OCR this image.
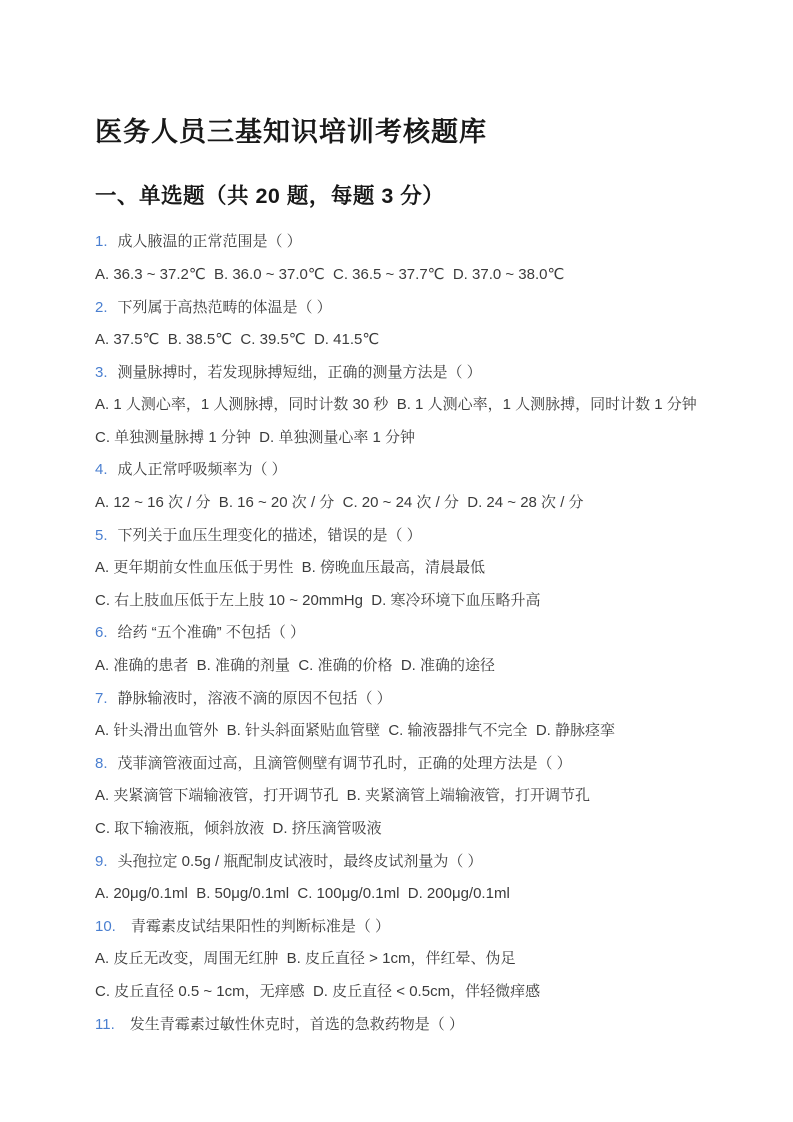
医务人员三基知识培训考核题库
一、单选题（共 20 题，每题 3 分）
1. 成人腋温的正常范围是（ ）
A. 36.3 ~ 37.2℃  B. 36.0 ~ 37.0℃  C. 36.5 ~ 37.7℃  D. 37.0 ~ 38.0℃
2. 下列属于高热范畴的体温是（ ）
A. 37.5℃  B. 38.5℃  C. 39.5℃  D. 41.5℃
3. 测量脉搏时，若发现脉搏短绌，正确的测量方法是（ ）
A. 1 人测心率，1 人测脉搏，同时计数 30 秒  B. 1 人测心率，1 人测脉搏，同时计数 1 分钟
C. 单独测量脉搏 1 分钟  D. 单独测量心率 1 分钟
4. 成人正常呼吸频率为（ ）
A. 12 ~ 16 次 / 分  B. 16 ~ 20 次 / 分  C. 20 ~ 24 次 / 分  D. 24 ~ 28 次 / 分
5. 下列关于血压生理变化的描述，错误的是（ ）
A. 更年期前女性血压低于男性  B. 傍晚血压最高，清晨最低
C. 右上肢血压低于左上肢 10 ~ 20mmHg  D. 寒冷环境下血压略升高
6. 给药 “五个准确” 不包括（ ）
A. 准确的患者  B. 准确的剂量  C. 准确的价格  D. 准确的途径
7. 静脉输液时，溶液不滴的原因不包括（ ）
A. 针头滑出血管外  B. 针头斜面紧贴血管壁  C. 输液器排气不完全  D. 静脉痉挛
8. 茂菲滴管液面过高，且滴管侧壁有调节孔时，正确的处理方法是（ ）
A. 夹紧滴管下端输液管，打开调节孔  B. 夹紧滴管上端输液管，打开调节孔
C. 取下输液瓶，倾斜放液  D. 挤压滴管吸液
9. 头孢拉定 0.5g / 瓶配制皮试液时，最终皮试剂量为（ ）
A. 20μg/0.1ml  B. 50μg/0.1ml  C. 100μg/0.1ml  D. 200μg/0.1ml
10. 青霉素皮试结果阳性的判断标准是（ ）
A. 皮丘无改变，周围无红肿  B. 皮丘直径 > 1cm，伴红晕、伪足
C. 皮丘直径 0.5 ~ 1cm，无痒感  D. 皮丘直径 < 0.5cm，伴轻微痒感
11. 发生青霉素过敏性休克时，首选的急救药物是（ ）
